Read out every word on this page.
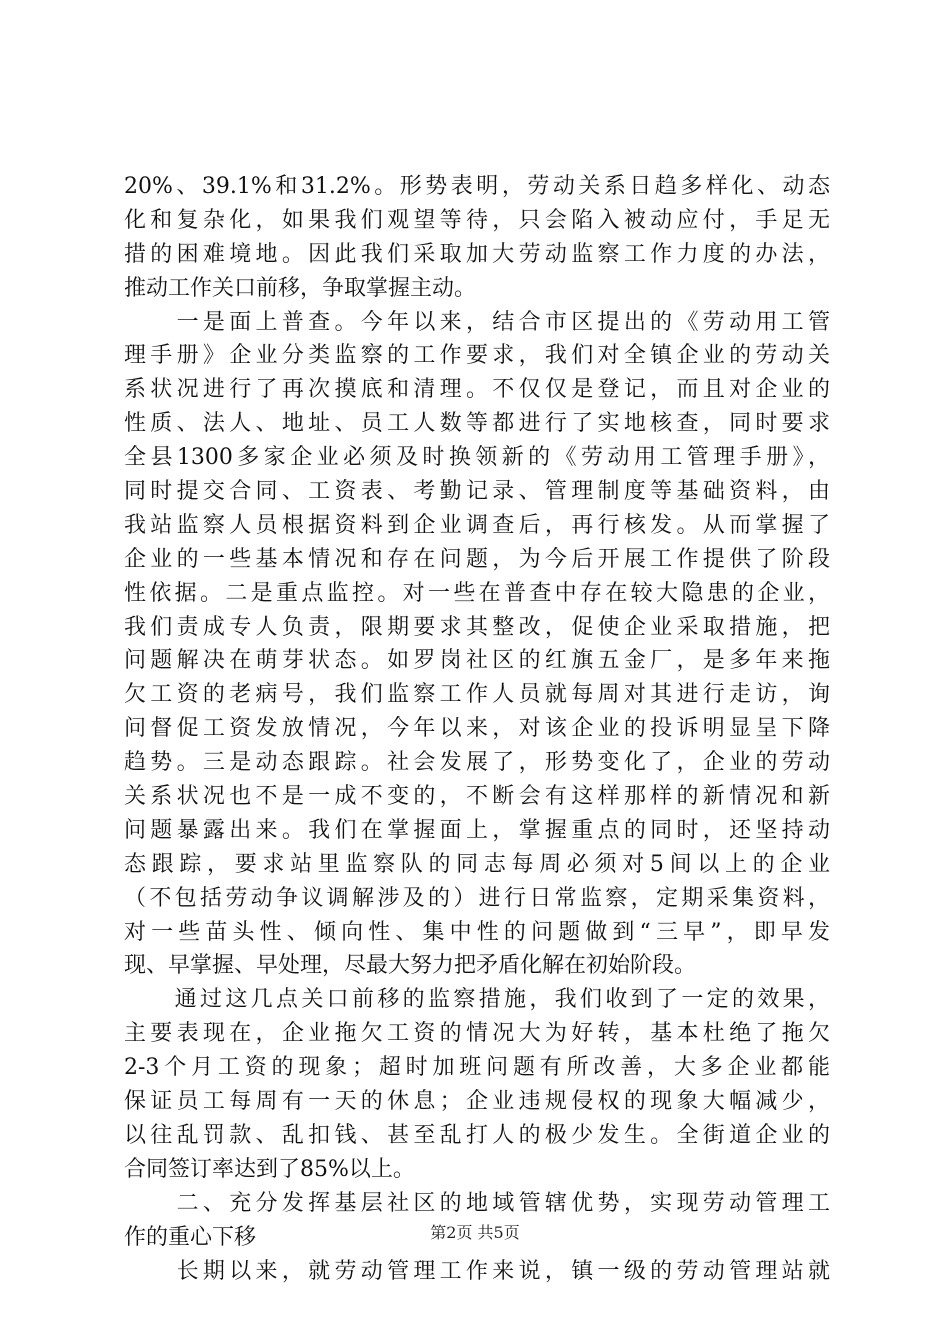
20%、39.1%和31.2%。形势表明，劳动关系日趋多样化、动态
化和复杂化，如果我们观望等待，只会陷入被动应付，手足无
措的困难境地。因此我们采取加大劳动监察工作力度的办法，
推动工作关口前移，争取掌握主动。
　　一是面上普查。今年以来，结合市区提出的《劳动用工管
理手册》企业分类监察的工作要求，我们对全镇企业的劳动关
系状况进行了再次摸底和清理。不仅仅是登记，而且对企业的
性质、法人、地址、员工人数等都进行了实地核查，同时要求
全县1300多家企业必须及时换领新的《劳动用工管理手册》，
同时提交合同、工资表、考勤记录、管理制度等基础资料，由
我站监察人员根据资料到企业调查后，再行核发。从而掌握了
企业的一些基本情况和存在问题，为今后开展工作提供了阶段
性依据。二是重点监控。对一些在普查中存在较大隐患的企业，
我们责成专人负责，限期要求其整改，促使企业采取措施，把
问题解决在萌芽状态。如罗岗社区的红旗五金厂，是多年来拖
欠工资的老病号，我们监察工作人员就每周对其进行走访，询
问督促工资发放情况，今年以来，对该企业的投诉明显呈下降
趋势。三是动态跟踪。社会发展了，形势变化了，企业的劳动
关系状况也不是一成不变的，不断会有这样那样的新情况和新
问题暴露出来。我们在掌握面上，掌握重点的同时，还坚持动
态跟踪，要求站里监察队的同志每周必须对5间以上的企业
（不包括劳动争议调解涉及的）进行日常监察，定期采集资料，
对一些苗头性、倾向性、集中性的问题做到“三早”，即早发
现、早掌握、早处理，尽最大努力把矛盾化解在初始阶段。
　　通过这几点关口前移的监察措施，我们收到了一定的效果，
主要表现在，企业拖欠工资的情况大为好转，基本杜绝了拖欠
2-3个月工资的现象；超时加班问题有所改善，大多企业都能
保证员工每周有一天的休息；企业违规侵权的现象大幅减少，
以往乱罚款、乱扣钱、甚至乱打人的极少发生。全街道企业的
合同签订率达到了85%以上。
　　二、充分发挥基层社区的地域管辖优势，实现劳动管理工
作的重心下移
　　长期以来，就劳动管理工作来说，镇一级的劳动管理站就
第2页 共5页
